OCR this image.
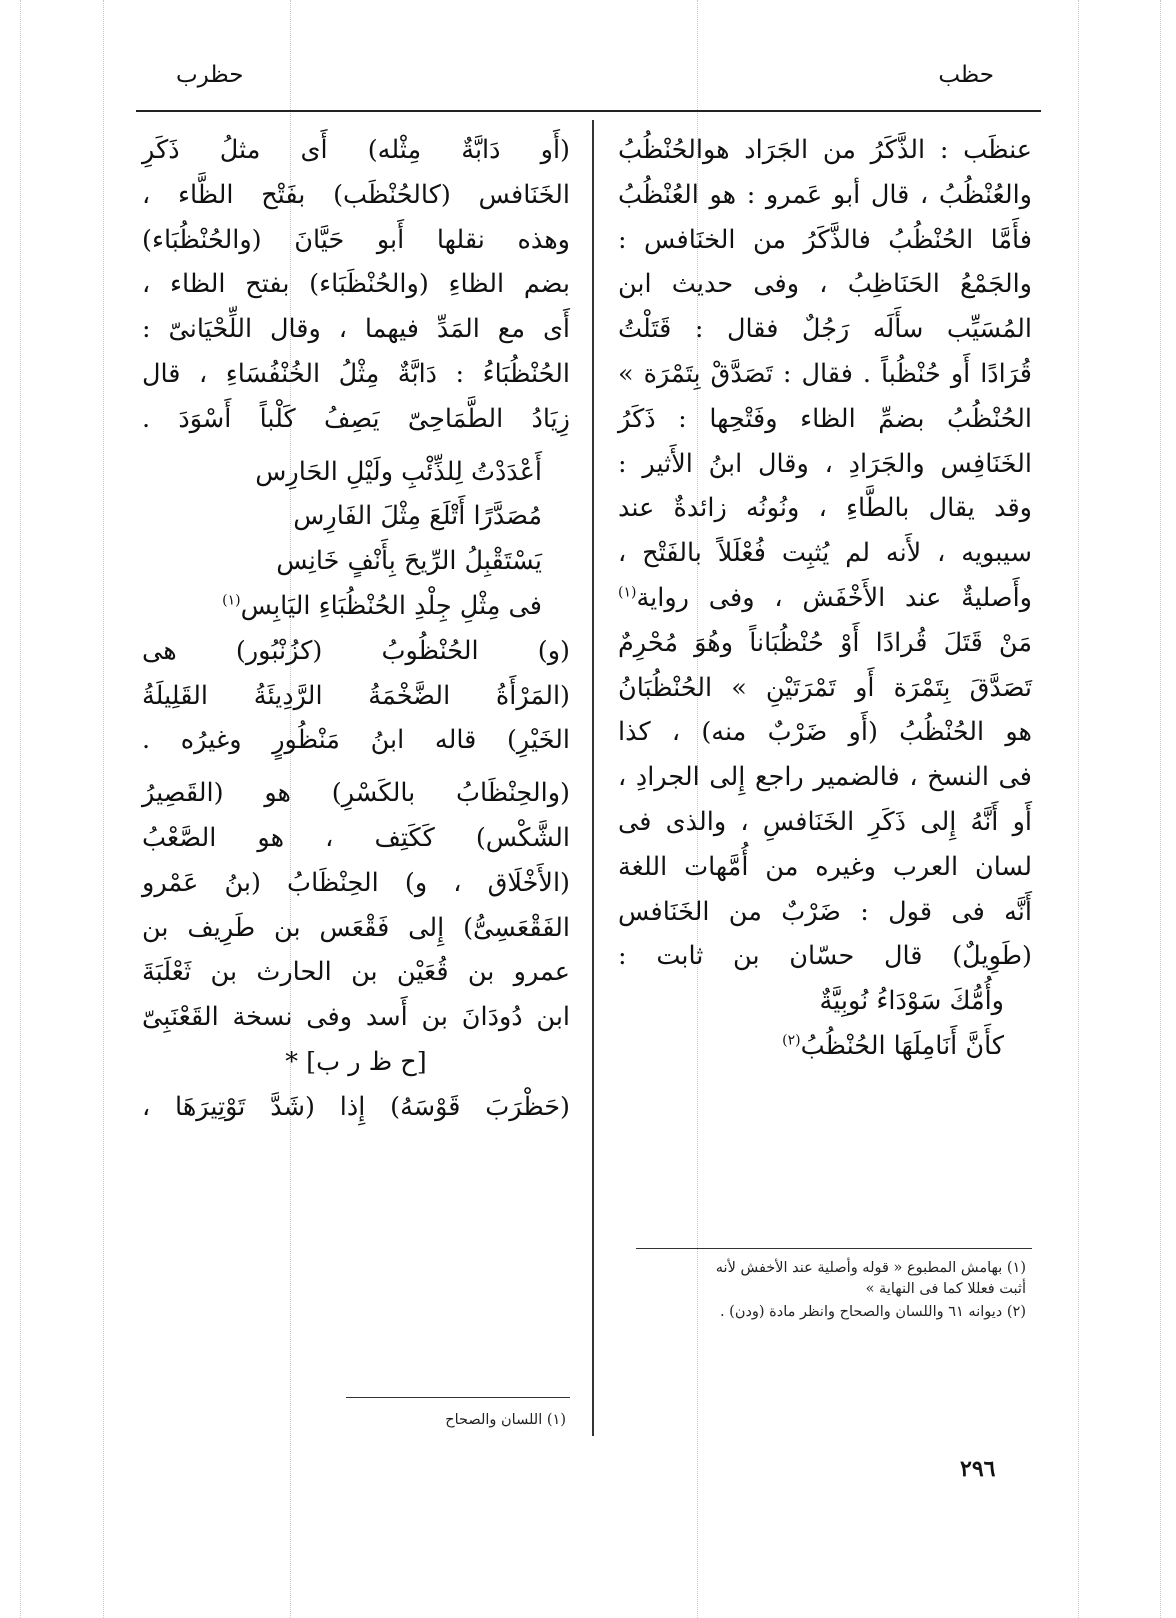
حظب
حظرب
عنظَب : الذَّكَرُ من الجَرَاد هوالحُنْظُبُ
والعُنْظُبُ ، قال أبو عَمرو : هو العُنْظُبُ
فأَمَّا الحُنْظُبُ فالذَّكَرُ من الخنَافس :
والجَمْعُ الحَنَاظِبُ ، وفى حديث ابن
المُسَيِّب سأَلَه رَجُلٌ فقال : قَتَلْتُ
قُرَادًا أَو حُنْظُباً . فقال : تَصَدَّقْ بِتَمْرَة »
الحُنْظُبُ بضمِّ الظاء وفَتْحِها : ذَكَرُ
الخَنَافِس والجَرَادِ ، وقال ابنُ الأَثير :
وقد يقال بالطَّاءِ ، ونُونُه زائدةٌ عند
سيبويه ، لأَنه لم يُثبِت فُعْلَلاً بالفَتْح ،
وأَصليةٌ عند الأَخْفَش ، وفى رواية$^{(١)}$
مَنْ قَتَلَ قُرادًا أَوْ حُنْظُبَاناً وهُوَ مُحْرِمٌ
تَصَدَّقَ بِتَمْرَة أَو تَمْرَتَيْنِ » الحُنْظُبَانُ
هو الحُنْظُبُ (أَو ضَرْبٌ منه) ، كذا
فى النسخ ، فالضمير راجع إِلى الجرادِ ،
أَو أَنَّهُ إِلى ذَكَرِ الخَنَافسِ ، والذى فى
لسان العرب وغيره من أُمَّهات اللغة
أَنَّه فى قول : ضَرْبٌ من الخَنَافس
(طَوِيلٌ) قال حسّان بن ثابت :
وأُمُّكَ سَوْدَاءُ نُوبِيَّةٌ
كأَنَّ أَنَامِلَهَا الحُنْظُبُ$^{(٢)}$
(أَو دَابَّةٌ مِثْله) أَى مثلُ ذَكَرِ
الخَنَافس (كالحُنْظَب) بفَتْح الظَّاء ،
وهذه نقلها أَبو حَيَّانَ (والحُنْظُبَاء)
بضم الظاءِ (والحُنْظَبَاء) بفتح الظاء ،
أَى مع المَدِّ فيهما ، وقال اللِّحْيَانىّ :
الحُنْظُبَاءُ : دَابَّةٌ مِثْلُ الخُنْفُسَاءِ ، قال
زِيَادُ الطَّمَاحِىّ يَصِفُ كَلْباً أَسْوَدَ .
أَعْدَدْتُ لِلذِّئْبِ ولَيْلِ الحَارِس
مُصَدَّرًا أَتْلَعَ مِثْلَ الفَارِس
يَسْتَقْبِلُ الرِّيحَ بِأَنْفٍ خَانِس
فى مِثْلِ جِلْدِ الحُنْظُبَاءِ اليَابِس$^{(١)}$
(و) الحُنْظُوبُ (كزُنْبُور) هى
(المَرْأَةُ الضَّخْمَةُ الرَّدِيئَةُ القَلِيلَةُ
الخَيْرِ) قاله ابنُ مَنْظُورٍ وغيرُه .
(والحِنْظَابُ بالكَسْرِ) هو (القَصِيرُ
الشَّكْس) كَكَتِف ، هو الصَّعْبُ
(الأَخْلَاق ، و) الحِنْظَابُ (بنُ عَمْرو
الفَقْعَسِىُّ) إِلى فَقْعَس بن طَرِيف بن
عمرو بن قُعَيْن بن الحارث بن ثَعْلَبَةَ
ابن دُودَانَ بن أَسد وفى نسخة القَعْنَبِىّ
[ح ظ ر ب] *
(حَظْرَبَ قَوْسَهُ) إِذا (شَدَّ تَوْتِيرَهَا ،
(١) بهامش المطبوع « قوله وأصلية عند الأخفش لأنه
أثبت فعللا كما فى النهاية »
(٢) ديوانه ٦١ واللسان والصحاح وانظر مادة (ودن) .
(١) اللسان والصحاح
٢٩٦
